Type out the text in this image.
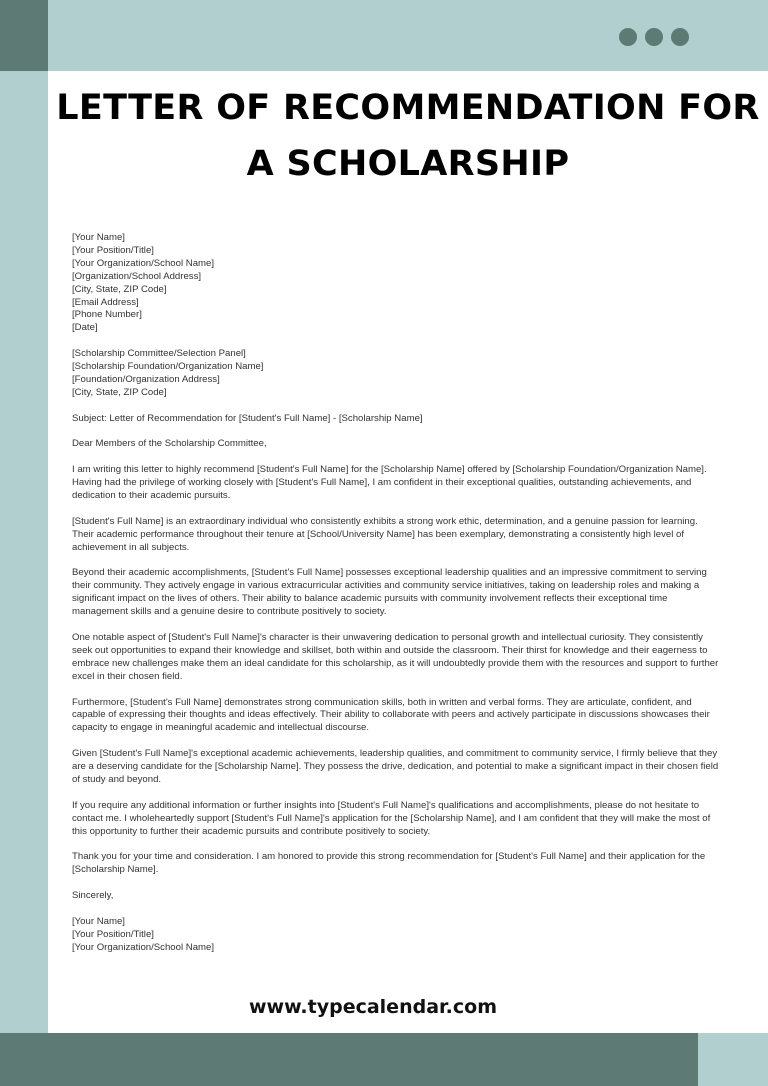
LETTER OF RECOMMENDATION FOR
A SCHOLARSHIP

[Your Name]
[Your Position/Title]
[Your Organization/School Name]
[Organization/School Address]
[City, State, ZIP Code]
[Email Address]
[Phone Number]
[Date]

[Scholarship Committee/Selection Panel]
[Scholarship Foundation/Organization Name]
[Foundation/Organization Address]
[City, State, ZIP Code]

Subject: Letter of Recommendation for [Student's Full Name] - [Scholarship Name]

Dear Members of the Scholarship Committee,

I am writing this letter to highly recommend [Student's Full Name] for the [Scholarship Name] offered by [Scholarship Foundation/Organization Name]. Having had the privilege of working closely with [Student's Full Name], I am confident in their exceptional qualities, outstanding achievements, and dedication to their academic pursuits.

[Student's Full Name] is an extraordinary individual who consistently exhibits a strong work ethic, determination, and a genuine passion for learning. Their academic performance throughout their tenure at [School/University Name] has been exemplary, demonstrating a consistently high level of achievement in all subjects.

Beyond their academic accomplishments, [Student's Full Name] possesses exceptional leadership qualities and an impressive commitment to serving their community. They actively engage in various extracurricular activities and community service initiatives, taking on leadership roles and making a significant impact on the lives of others. Their ability to balance academic pursuits with community involvement reflects their exceptional time management skills and a genuine desire to contribute positively to society.

One notable aspect of [Student's Full Name]'s character is their unwavering dedication to personal growth and intellectual curiosity. They consistently seek out opportunities to expand their knowledge and skillset, both within and outside the classroom. Their thirst for knowledge and their eagerness to embrace new challenges make them an ideal candidate for this scholarship, as it will undoubtedly provide them with the resources and support to further excel in their chosen field.

Furthermore, [Student's Full Name] demonstrates strong communication skills, both in written and verbal forms. They are articulate, confident, and capable of expressing their thoughts and ideas effectively. Their ability to collaborate with peers and actively participate in discussions showcases their capacity to engage in meaningful academic and intellectual discourse.

Given [Student's Full Name]'s exceptional academic achievements, leadership qualities, and commitment to community service, I firmly believe that they are a deserving candidate for the [Scholarship Name]. They possess the drive, dedication, and potential to make a significant impact in their chosen field of study and beyond.

If you require any additional information or further insights into [Student's Full Name]'s qualifications and accomplishments, please do not hesitate to contact me. I wholeheartedly support [Student's Full Name]'s application for the [Scholarship Name], and I am confident that they will make the most of this opportunity to further their academic pursuits and contribute positively to society.

Thank you for your time and consideration. I am honored to provide this strong recommendation for [Student's Full Name] and their application for the [Scholarship Name].

Sincerely,

[Your Name]
[Your Position/Title]
[Your Organization/School Name]

www.typecalendar.com
